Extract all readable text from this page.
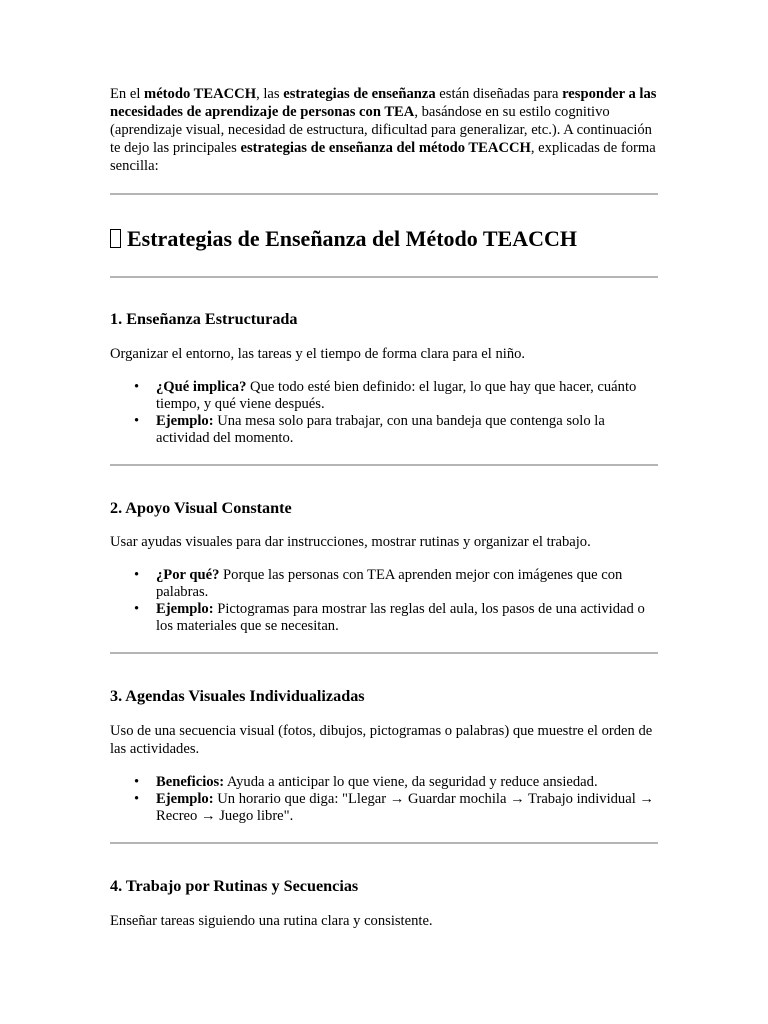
En el método TEACCH, las estrategias de enseñanza están diseñadas para responder a las necesidades de aprendizaje de personas con TEA, basándose en su estilo cognitivo (aprendizaje visual, necesidad de estructura, dificultad para generalizar, etc.). A continuación te dejo las principales estrategias de enseñanza del método TEACCH, explicadas de forma sencilla:

Estrategias de Enseñanza del Método TEACCH
1. Enseñanza Estructurada

Organizar el entorno, las tareas y el tiempo de forma clara para el niño.

• ¿Qué implica? Que todo esté bien definido: el lugar, lo que hay que hacer, cuánto tiempo, y qué viene después.
• Ejemplo: Una mesa solo para trabajar, con una bandeja que contenga solo la actividad del momento.
2. Apoyo Visual Constante

Usar ayudas visuales para dar instrucciones, mostrar rutinas y organizar el trabajo.

• ¿Por qué? Porque las personas con TEA aprenden mejor con imágenes que con palabras.
• Ejemplo: Pictogramas para mostrar las reglas del aula, los pasos de una actividad o los materiales que se necesitan.
3. Agendas Visuales Individualizadas

Uso de una secuencia visual (fotos, dibujos, pictogramas o palabras) que muestre el orden de las actividades.

• Beneficios: Ayuda a anticipar lo que viene, da seguridad y reduce ansiedad.
• Ejemplo: Un horario que diga: "Llegar → Guardar mochila → Trabajo individual → Recreo → Juego libre".
4. Trabajo por Rutinas y Secuencias

Enseñar tareas siguiendo una rutina clara y consistente.
